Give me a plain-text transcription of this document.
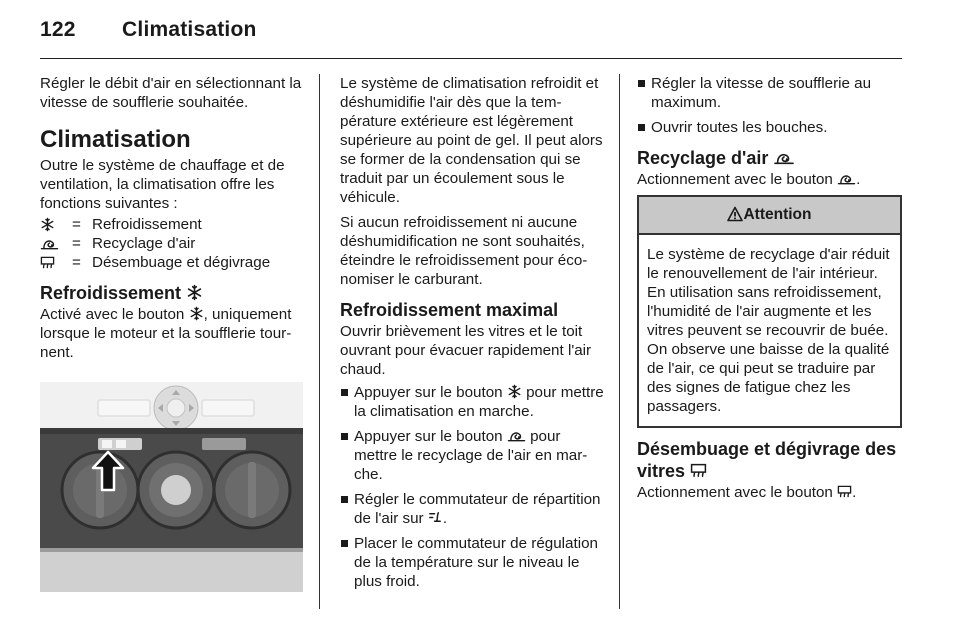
122 Climatisation

Régler le débit d'air en sélectionnant la vitesse de soufflerie souhaitée.

Climatisation

Outre le système de chauffage et de ventilation, la climatisation offre les fonctions suivantes :

= Refroidissement
= Recyclage d'air
= Désembuage et dégivrage
Refroidissement

Activé avec le bouton , uniquement lorsque le moteur et la soufflerie tournent.

Le système de climatisation refroidit et déshumidifie l'air dès que la température extérieure est légèrement supérieure au point de gel. Il peut alors se former de la condensation qui se traduit par un écoulement sous le véhicule.

Si aucun refroidissement ni aucune déshumidification ne sont souhaités, éteindre le refroidissement pour économiser le carburant.

Refroidissement maximal

Ouvrir brièvement les vitres et le toit ouvrant pour évacuer rapidement l'air chaud.

Appuyer sur le bouton pour mettre la climatisation en marche.
Appuyer sur le bouton pour mettre le recyclage de l'air en marche.
Régler le commutateur de répartition de l'air sur .
Placer le commutateur de régulation de la température sur le niveau le plus froid.
Régler la vitesse de soufflerie au maximum.
Ouvrir toutes les bouches.
Recyclage d'air

Actionnement avec le bouton .

Attention
Le système de recyclage d'air réduit le renouvellement de l'air intérieur. En utilisation sans refroidissement, l'humidité de l'air augmente et les vitres peuvent se recouvrir de buée. On observe une baisse de la qualité de l'air, ce qui peut se traduire par des signes de fatigue chez les passagers.
Désembuage et dégivrage des vitres

Actionnement avec le bouton .
